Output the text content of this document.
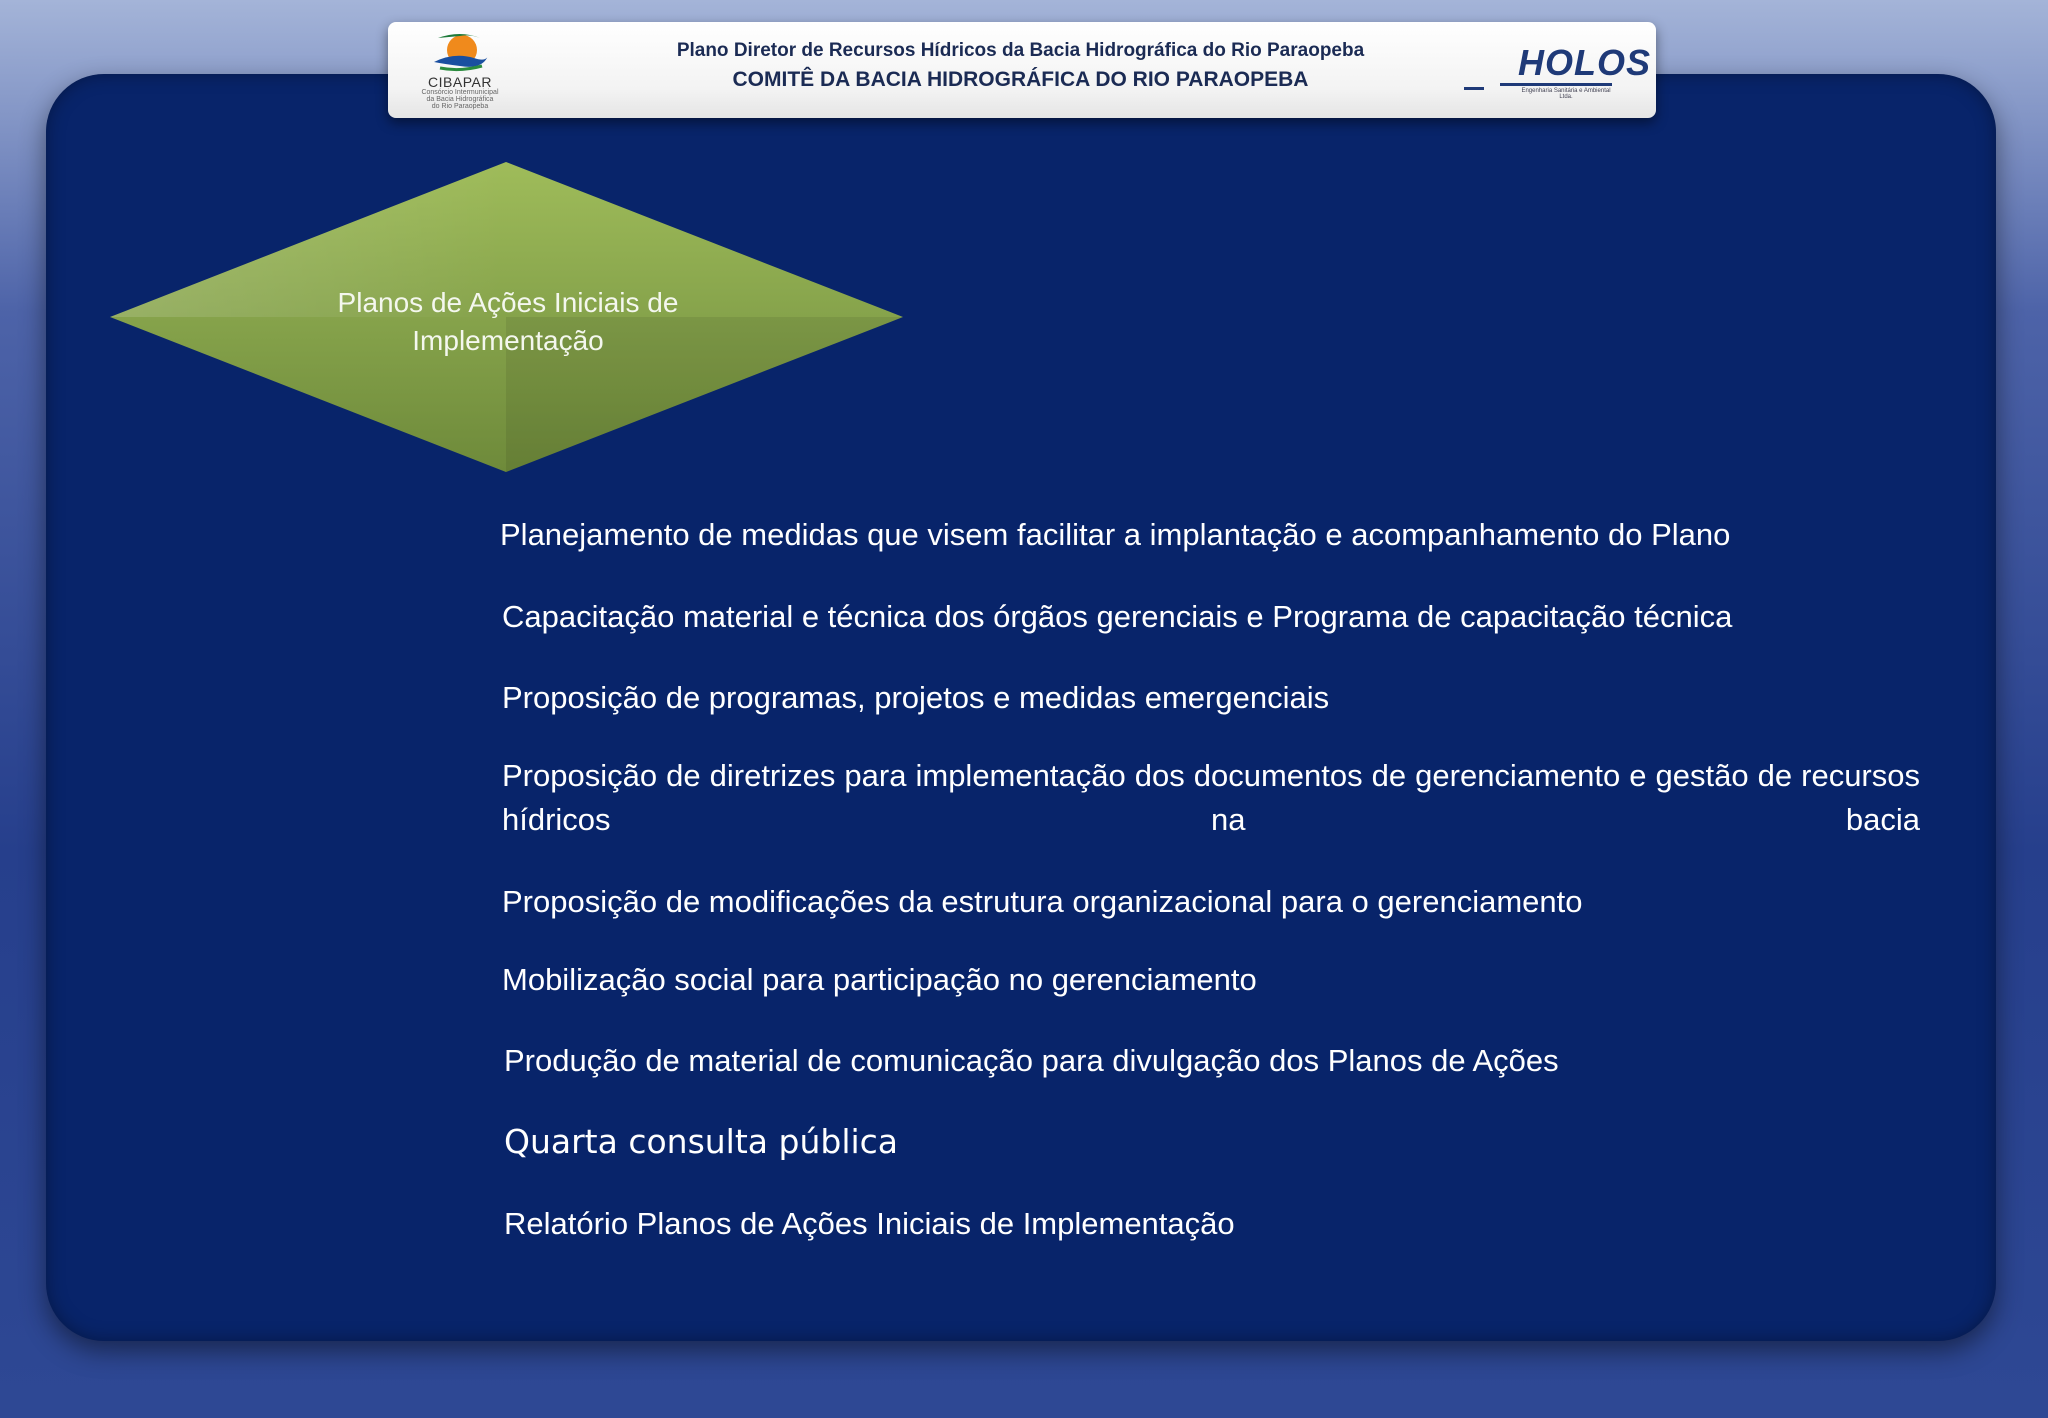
CIBAPAR
Consórcio Intermunicipal
da Bacia Hidrográfica
do Rio Paraopeba
Plano Diretor de Recursos Hídricos da Bacia Hidrográfica do Rio Paraopeba
COMITÊ DA BACIA HIDROGRÁFICA DO RIO PARAOPEBA	HOLOS
Engenharia Sanitária e Ambiental Ltda.
Planos de Ações Iniciais de
Implementação
Planejamento de medidas que visem facilitar a implantação e acompanhamento do Plano
Capacitação material e técnica dos órgãos gerenciais e Programa de capacitação técnica
Proposição de programas, projetos e medidas emergenciais
Proposição de diretrizes para implementação dos documentos de gerenciamento e gestão de recursos hídricos na bacia
Proposição de modificações da estrutura organizacional para o gerenciamento
Mobilização social para participação no gerenciamento
Produção de material de comunicação para divulgação dos Planos de Ações
Quarta consulta pública
Relatório Planos de Ações Iniciais de Implementação
